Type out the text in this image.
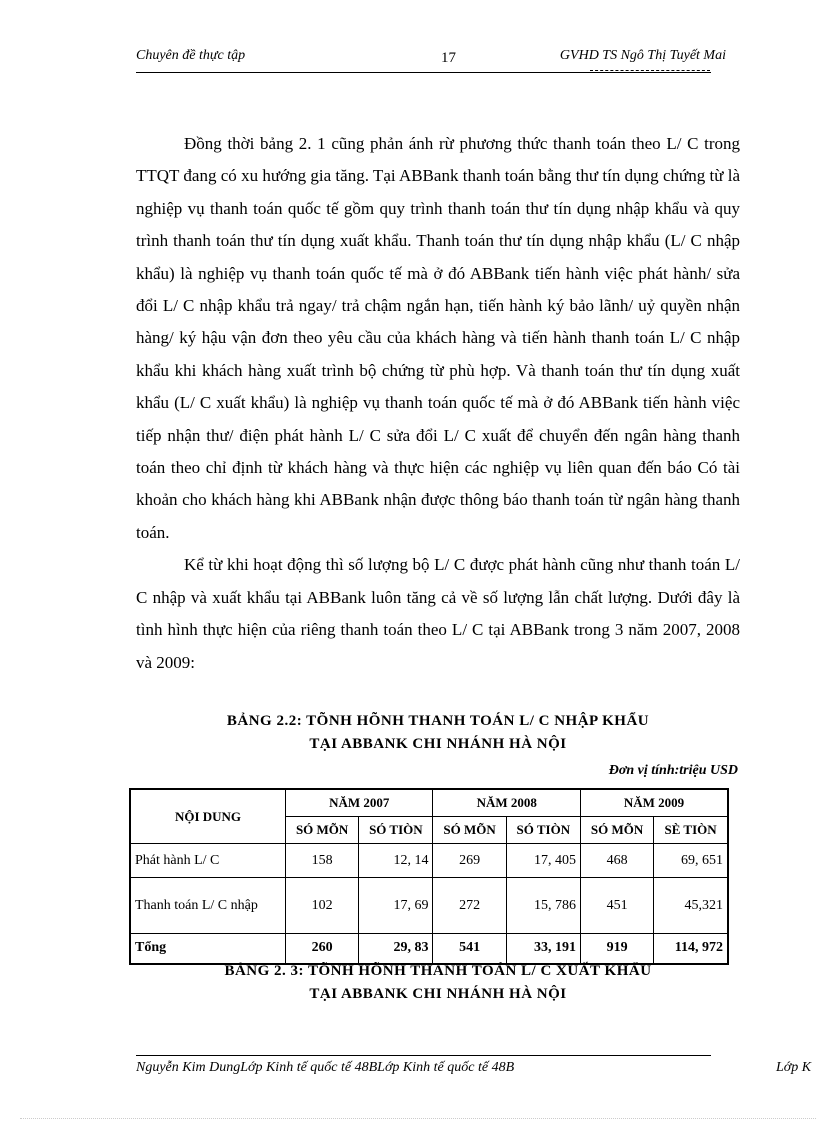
Chuyên đề thực tập	17	GVHD TS Ngô Thị Tuyết Mai

Đồng thời bảng 2. 1 cũng phản ánh rừ phương thức thanh toán theo L/ C trong TTQT đang có xu hướng gia tăng. Tại ABBank thanh toán bằng thư tín dụng chứng từ là nghiệp vụ thanh toán quốc tế gồm quy trình thanh toán thư tín dụng nhập khẩu và quy trình thanh toán thư tín dụng xuất khẩu. Thanh toán thư tín dụng nhập khẩu (L/ C nhập khẩu) là nghiệp vụ thanh toán quốc tế mà ở đó ABBank tiến hành việc phát hành/ sửa đổi L/ C nhập khẩu trả ngay/ trả chậm ngắn hạn, tiến hành ký bảo lãnh/ uỷ quyền nhận hàng/ ký hậu vận đơn theo yêu cầu của khách hàng và tiến hành thanh toán L/ C nhập khẩu khi khách hàng xuất trình bộ chứng từ phù hợp. Và thanh toán thư tín dụng xuất khẩu (L/ C xuất khẩu) là nghiệp vụ thanh toán quốc tế mà ở đó ABBank tiến hành việc tiếp nhận thư/ điện phát hành L/ C sửa đổi L/ C xuất để chuyển đến ngân hàng thanh toán theo chỉ định từ khách hàng và thực hiện các nghiệp vụ liên quan đến báo Có tài khoản cho khách hàng khi ABBank nhận được thông báo thanh toán từ ngân hàng thanh toán.

Kể từ khi hoạt động thì số lượng bộ L/ C được phát hành cũng như thanh toán L/ C nhập và xuất khẩu tại ABBank luôn tăng cả về số lượng lẫn chất lượng. Dưới đây là tình hình thực hiện của riêng thanh toán theo L/ C tại ABBank trong 3 năm 2007, 2008 và 2009:

BẢNG 2.2: TÕNH HÕNH THANH TOÁN L/ C NHẬP KHẨU
TẠI ABBANK CHI NHÁNH HÀ NỘI
Đơn vị tính:triệu USD
NỘI DUNG	NĂM 2007		NĂM 2008		NĂM 2009	
	SÓ MÕN	SÓ TIÒN	SÓ MÕN	SÓ TIÒN	SÓ MÕN	SÈ TIÒN
Phát hành L/ C	158	12, 14	269	17, 405	468	69, 651
Thanh toán L/ C nhập	102	17, 69	272	15, 786	451	45,321
Tổng	260	29, 83	541	33, 191	919	114, 972
BẢNG 2. 3: TÕNH HÕNH THANH TOÁN L/ C XUẤT KHẨU
TẠI ABBANK CHI NHÁNH HÀ NỘI
Nguyễn Kim DungLớp Kinh tế quốc tế 48BLớp Kinh tế quốc tế 48B	Lớp K
